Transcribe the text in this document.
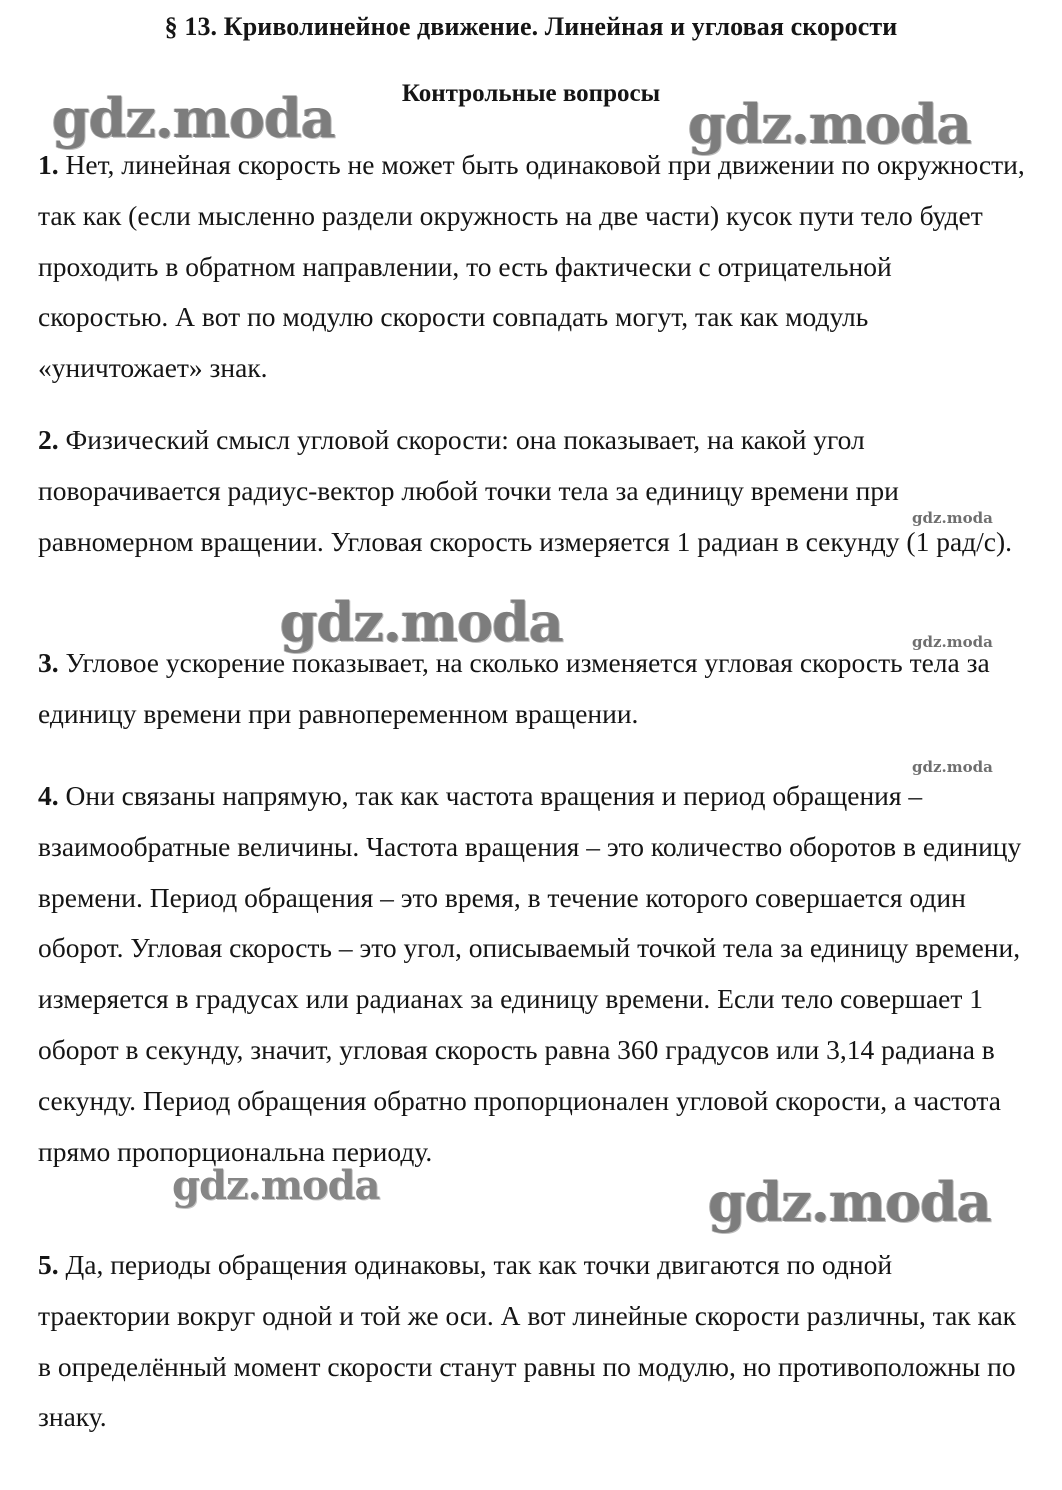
§ 13. Криволинейное движение. Линейная и угловая скорости
Контрольные вопросы
gdz.moda	gdz.moda
gdz.moda
gdz.moda	gdz.moda
gdz.moda
gdz.moda	gdz.moda

1. Нет, линейная скорость не может быть одинаковой при движении по окружности, так как (если мысленно раздели окружность на две части) кусок пути тело будет проходить в обратном направлении, то есть фактически с отрицательной скоростью. А вот по модулю скорости совпадать могут, так как модуль «уничтожает» знак.

2. Физический смысл угловой скорости: она показывает, на какой угол поворачивается радиус-вектор любой точки тела за единицу времени при равномерном вращении. Угловая скорость измеряется 1 радиан в секунду (1 рад/с).

3. Угловое ускорение показывает, на сколько изменяется угловая скорость тела за единицу времени при равнопеременном вращении.

4. Они связаны напрямую, так как частота вращения и период обращения – взаимообратные величины. Частота вращения – это количество оборотов в единицу времени. Период обращения – это время, в течение которого совершается один оборот. Угловая скорость – это угол, описываемый точкой тела за единицу времени, измеряется в градусах или радианах за единицу времени. Если тело совершает 1 оборот в секунду, значит, угловая скорость равна 360 градусов или 3,14 радиана в секунду. Период обращения обратно пропорционален угловой скорости, а частота прямо пропорциональна периоду.

5. Да, периоды обращения одинаковы, так как точки двигаются по одной траектории вокруг одной и той же оси. А вот линейные скорости различны, так как в определённый момент скорости станут равны по модулю, но противоположны по знаку.
